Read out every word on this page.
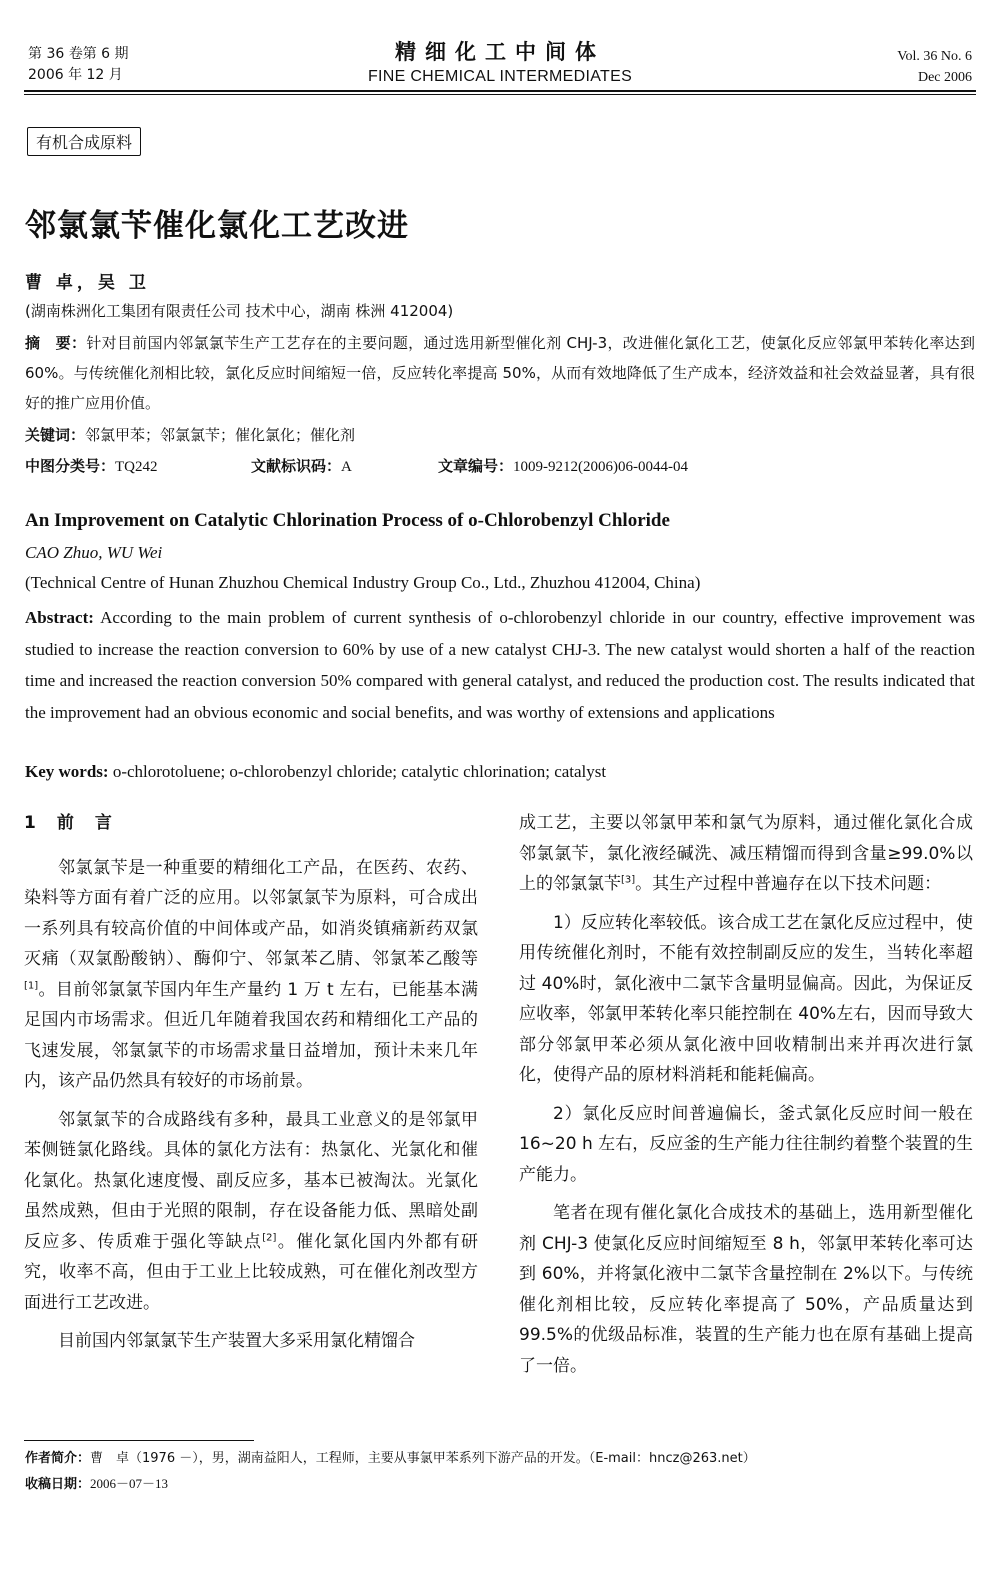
第 36 卷第 6 期
2006 年 12 月
精细化工中间体
FINE CHEMICAL INTERMEDIATES
Vol. 36 No. 6
Dec 2006
有机合成原料
邻氯氯苄催化氯化工艺改进
曹 卓，吴 卫
(湖南株洲化工集团有限责任公司 技术中心，湖南 株洲 412004)
摘　要：针对目前国内邻氯氯苄生产工艺存在的主要问题，通过选用新型催化剂 CHJ-3，改进催化氯化工艺，使氯化反应邻氯甲苯转化率达到 60%。与传统催化剂相比较，氯化反应时间缩短一倍，反应转化率提高 50%，从而有效地降低了生产成本，经济效益和社会效益显著，具有很好的推广应用价值。
关键词：邻氯甲苯；邻氯氯苄；催化氯化；催化剂
中图分类号：TQ242	文献标识码：A	文章编号：1009-9212(2006)06-0044-04
An Improvement on Catalytic Chlorination Process of o-Chlorobenzyl Chloride
CAO Zhuo, WU Wei
(Technical Centre of Hunan Zhuzhou Chemical Industry Group Co., Ltd., Zhuzhou 412004, China)
Abstract: According to the main problem of current synthesis of o-chlorobenzyl chloride in our country, effective improvement was studied to increase the reaction conversion to 60% by use of a new catalyst CHJ-3. The new catalyst would shorten a half of the reaction time and increased the reaction conversion 50% compared with general catalyst, and reduced the production cost. The results indicated that the improvement had an obvious economic and social benefits, and was worthy of extensions and applications
Key words: o-chlorotoluene; o-chlorobenzyl chloride; catalytic chlorination; catalyst
1　前　言

邻氯氯苄是一种重要的精细化工产品，在医药、农药、染料等方面有着广泛的应用。以邻氯氯苄为原料，可合成出一系列具有较高价值的中间体或产品，如消炎镇痛新药双氯灭痛（双氯酚酸钠）、酶仰宁、邻氯苯乙腈、邻氯苯乙酸等[1]。目前邻氯氯苄国内年生产量约 1 万 t 左右，已能基本满足国内市场需求。但近几年随着我国农药和精细化工产品的飞速发展，邻氯氯苄的市场需求量日益增加，预计未来几年内，该产品仍然具有较好的市场前景。

邻氯氯苄的合成路线有多种，最具工业意义的是邻氯甲苯侧链氯化路线。具体的氯化方法有：热氯化、光氯化和催化氯化。热氯化速度慢、副反应多，基本已被淘汰。光氯化虽然成熟，但由于光照的限制，存在设备能力低、黑暗处副反应多、传质难于强化等缺点[2]。催化氯化国内外都有研究，收率不高，但由于工业上比较成熟，可在催化剂改型方面进行工艺改进。

目前国内邻氯氯苄生产装置大多采用氯化精馏合

成工艺，主要以邻氯甲苯和氯气为原料，通过催化氯化合成邻氯氯苄，氯化液经碱洗、减压精馏而得到含量≥99.0%以上的邻氯氯苄[3]。其生产过程中普遍存在以下技术问题：

1）反应转化率较低。该合成工艺在氯化反应过程中，使用传统催化剂时，不能有效控制副反应的发生，当转化率超过 40%时，氯化液中二氯苄含量明显偏高。因此，为保证反应收率，邻氯甲苯转化率只能控制在 40%左右，因而导致大部分邻氯甲苯必须从氯化液中回收精制出来并再次进行氯化，使得产品的原材料消耗和能耗偏高。

2）氯化反应时间普遍偏长，釜式氯化反应时间一般在 16~20 h 左右，反应釜的生产能力往往制约着整个装置的生产能力。

笔者在现有催化氯化合成技术的基础上，选用新型催化剂 CHJ-3 使氯化反应时间缩短至 8 h，邻氯甲苯转化率可达到 60%，并将氯化液中二氯苄含量控制在 2%以下。与传统催化剂相比较，反应转化率提高了 50%，产品质量达到 99.5%的优级品标准，装置的生产能力也在原有基础上提高了一倍。

作者简介：曹　卓（1976 －），男，湖南益阳人，工程师，主要从事氯甲苯系列下游产品的开发。（E-mail：hncz@263.net）
收稿日期：2006－07－13
